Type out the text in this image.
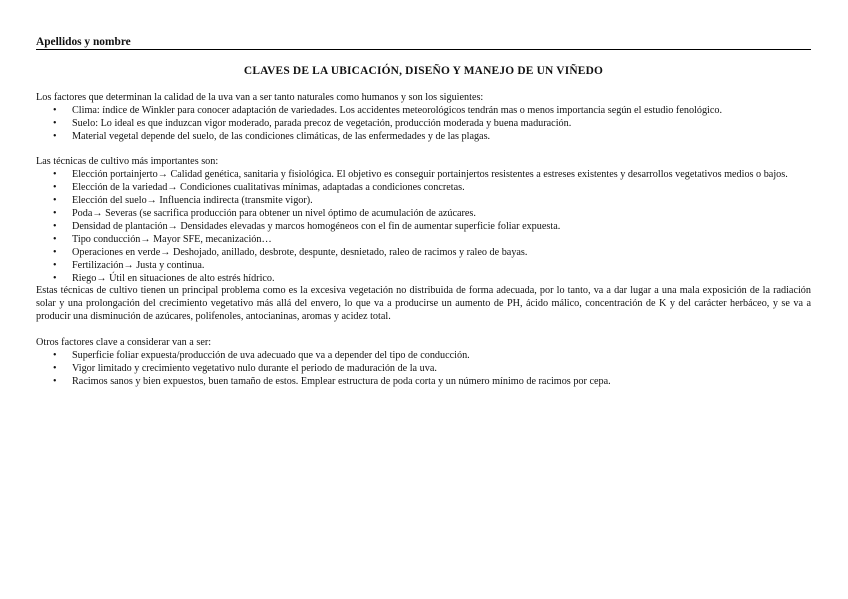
Apellidos y nombre
CLAVES DE LA UBICACIÓN, DISEÑO Y MANEJO DE UN VIÑEDO

Los factores que determinan la calidad de la uva van a ser tanto naturales como humanos y son los siguientes:

• Clima: índice de Winkler para conocer adaptación de variedades. Los accidentes meteorológicos tendrán mas o menos importancia según el estudio fenológico.
• Suelo: Lo ideal es que induzcan vigor moderado, parada precoz de vegetación, producción moderada y buena maduración.
• Material vegetal depende del suelo, de las condiciones climáticas, de las enfermedades y de las plagas.

Las técnicas de cultivo más importantes son:

• Elección portainjerto→ Calidad genética, sanitaria y fisiológica. El objetivo es conseguir portainjertos resistentes a estreses existentes y desarrollos vegetativos medios o bajos.
• Elección de la variedad→ Condiciones cualitativas mínimas, adaptadas a condiciones concretas.
• Elección del suelo→ Influencia indirecta (transmite vigor).
• Poda→ Severas (se sacrifica producción para obtener un nivel óptimo de acumulación de azúcares.
• Densidad de plantación→ Densidades elevadas y marcos homogéneos con el fin de aumentar superficie foliar expuesta.
• Tipo conducción→ Mayor SFE, mecanización…
• Operaciones en verde→ Deshojado, anillado, desbrote, despunte, desnietado, raleo de racimos y raleo de bayas.
• Fertilización→ Justa y continua.
• Riego→ Útil en situaciones de alto estrés hídrico.

Estas técnicas de cultivo tienen un principal problema como es la excesiva vegetación no distribuida de forma adecuada, por lo tanto, va a dar lugar a una mala exposición de la radiación solar y una prolongación del crecimiento vegetativo más allá del envero, lo que va a producirse un aumento de PH, ácido málico, concentración de K y del carácter herbáceo, y se va a producir una disminución de azúcares, polifenoles, antocianinas, aromas y acidez total.

Otros factores clave a considerar van a ser:

• Superficie foliar expuesta/producción de uva adecuado que va a depender del tipo de conducción.
• Vigor limitado y crecimiento vegetativo nulo durante el periodo de maduración de la uva.
• Racimos sanos y bien expuestos, buen tamaño de estos. Emplear estructura de poda corta y un número mínimo de racimos por cepa.
